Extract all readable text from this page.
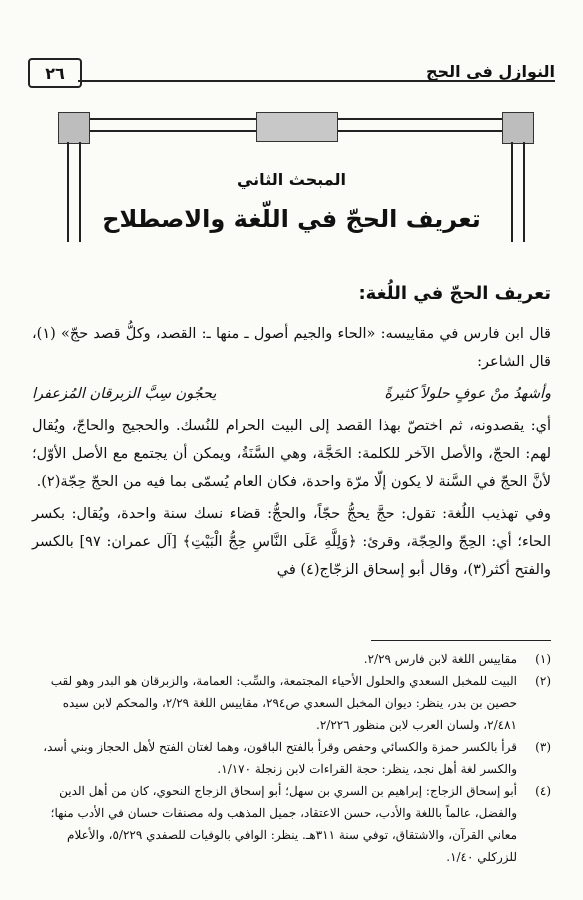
النوازل في الحج
٢٦
المبحث الثاني
تعريف الحجّ في اللّغة والاصطلاح
تعريف الحجّ في اللُغة:

قال ابن فارس في مقاييسه: «الحاء والجيم أصول ـ منها ـ: القصد، وكلُّ قصد حجّ» (١)، قال الشاعر:

وأشهدُ منْ عوفٍ حلولاً كثيرةً
يحجُون سِبَّ الزبرقان المُزعفرا

أي: يقصدونه، ثم اختصّ بهذا القصد إلى البيت الحرام للنُسك. والحجيج والحاجّ، ويُقال لهم: الحجّ، والأصل الآخر للكلمة: الحَجَّة، وهي السَّنَةُ، ويمكن أن يجتمع مع الأصل الأوّل؛ لأنَّ الحجّ في السَّنة لا يكون إلّا مرّة واحدة، فكان العام يُسمّى بما فيه من الحجّ حِجّة(٢).

وفي تهذيب اللُغة: تقول: حجَّ يحجُّ حجّاً، والحجُّ: قضاء نسك سنة واحدة، ويُقال: بكسر الحاء؛ أي: الحِجّ والحِجّة، وقرئ: ﴿وَلِلَّهِ عَلَى النَّاسِ حِجُّ الْبَيْتِ﴾ [آل عمران: ٩٧] بالكسر والفتح أكثر(٣)، وقال أبو إسحاق الزجّاج(٤) في

(١)
مقاييس اللغة لابن فارس ٢/٢٩.
(٢)
البيت للمخبل السعدي والحلول الأحياء المجتمعة، والسِّب: العمامة، والزبرقان هو البدر وهو لقب حصين بن بدر، ينظر: ديوان المخبل السعدي ص٢٩٤، مقاييس اللغة ٢/٢٩، والمحكم لابن سيده ٢/٤٨١، ولسان العرب لابن منظور ٢/٢٢٦.
(٣)
قرأ بالكسر حمزة والكسائي وحفص وقرأ بالفتح الباقون، وهما لغتان الفتح لأهل الحجاز وبني أسد، والكسر لغة أهل نجد، ينظر: حجة القراءات لابن زنجلة ١/١٧٠.
(٤)
أبو إسحاق الزجاج: إبراهيم بن السري بن سهل؛ أبو إسحاق الزجاج النحوي، كان من أهل الدين والفضل، عالماً باللغة والأدب، حسن الاعتقاد، جميل المذهب وله مصنفات حسان في الأدب منها؛ معاني القرآن، والاشتقاق، توفي سنة ٣١١هـ. ينظر: الوافي بالوفيات للصفدي ٥/٢٢٩، والأعلام للزركلي ١/٤٠.
